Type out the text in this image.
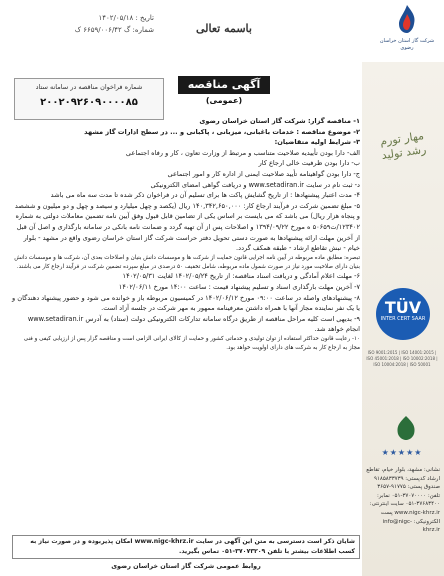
تاریخ : ۱۴۰۲/۰۵/۱۸
شماره: گ ۶۶۵۹/۰۰۶/۴۲ ک	باسمه تعالی
شرکت گاز استان خراسان رضوی
مهار تورم رشد تولید
TÜV
INTER CERT SAAR
ISO 9001:2015 | ISO 14001:2015 | ISO 45001:2018 | ISO 10002:2018 | ISO 10004:2018 | ISO 50001
★★★★★
نشانی: مشهد، بلوار خیام، تقاطع ارشاد کدپستی: ۹۱۸۵۸۳۳۷۳۹ صندوق پستی: ۹۱۷۷۵-۳۶۵۷ تلفن: ۳۷۰۷۰۰۰۰-۰۵۱ نمابر: ۳۷۶۸۳۴۰۰-۰۵۱ سایت اینترنتی: www.nigc-khrz.ir پست الکترونیکی: info@nigc-khrz.ir
شماره فراخوان مناقصه در سامانه ستاد
۲۰۰۲۰۹۲۶۰۹۰۰۰۰۸۵
آگهی مناقصه
(عمومی)

۱- مناقصه گزار: شرکت گاز استان خراسان رضوی

۲- موضوع مناقصه : خدمات باغبانی، میزبانی ، پاکبانی و ... در سطح ادارات گاز مشهد

۳- شرایط اولیه متقاضیان:

الف- دارا بودن تأییدیه صلاحیت متناسب و مرتبط از وزارت تعاون ، کار و رفاه اجتماعی

ب- دارا بودن ظرفیت خالی ارجاع کار

ج- دارا بودن گواهینامه تأیید صلاحیت ایمنی از اداره کار و امور اجتماعی

د- ثبت نام در سایت www.setadiran.ir و دریافت گواهی امضای الکترونیکی

۴- مدت اعتبار پیشنهادها : از تاریخ گشایش پاکت ها برای تسلیم آن در فراخوان ذکر شده تا مدت سه ماه می باشد

۵- مبلغ تضمین شرکت در فرآیند ارجاع کار: ۱۴۰,۳۴۲,۶۵۰,۰۰۰ ریال (یکصد و چهل میلیارد و سیصد و چهل و دو میلیون و ششصد و پنجاه هزار ریال) می باشد که می بایست بر اساس یکی از تضامین قابل قبول وفق آیین نامه تضمین معاملات دولتی به شماره ۱۲۳۴۰۲/ت۵۰۶۵۹ ه مورخ ۱۳۹۴/۰۹/۲۲ و اصلاحات پس از آن تهیه گردد و ضمانت نامه بانکی در سامانه بارگذاری و اصل آن قبل از آخرین مهلت ارائه پیشنهادها به صورت دستی تحویل دفتر حراست شرکت گاز استان خراسان رضوی واقع در مشهد - بلوار خیام - نبش تقاطع ارشاد - طبقه همکف گردد.

تبصره: مطابق ماده مربوطه در آیین نامه اجرایی قانون حمایت از شرکت ها و موسسات دانش بنیان و اصلاحات بعدی آن، شرکت ها و موسسات دانش بنیان دارای صلاحیت مورد نیاز در صورت شمول ماده مربوطه، شامل تخفیف ۵۰ درصدی در مبلغ سپرده تضمین شرکت در فرآیند ارجاع کار می باشند.

۶- مهلت اعلام آمادگی و دریافت اسناد مناقصه: از تاریخ ۱۴۰۲/۰۵/۲۴ لغایت ۱۴۰۲/۰۵/۳۱

۷- آخرین مهلت بارگذاری اسناد و تسلیم پیشنهاد قیمت : ساعت ۱۴:۰۰ مورخ ۱۴۰۲/۰۶/۱۱

۸- پیشنهادهای واصله در ساعت ۰۹:۰۰ مورخ ۱۴۰۲/۰۶/۱۲ در کمیسیون مربوطه باز و خوانده می شود و حضور پیشنهاد دهندگان و یا یک نفر نماینده مجاز آنها با همراه داشتن معرفینامه ممهور به مهر شرکت در جلسه آزاد است.

۹- بدیهی است کلیه مراحل مناقصه از طریق درگاه سامانه تدارکات الکترونیکی دولت (ستاد) به آدرس www.setadiran.ir انجام خواهد شد.

۱۰- رعایت قانون حداکثر استفاده از توان تولیدی و خدماتی کشور و حمایت از کالای ایرانی الزامی است و مناقصه گزار پس از ارزیابی کیفی و فنی مجاز به ارجاع کار به شرکت های دارای اولویت خواهد بود.

شایان ذکر است دسترسی به متن این آگهی در سایت www.nigc-khrz.ir امکان پذیربوده و در صورت نیاز به کسب اطلاعات بیشتر با تلفن ۳۷۰۷۳۲۰۹-۰۵۱ تماس بگیرید.
روابط عمومی شرکت گاز استان خراسان رضوی
